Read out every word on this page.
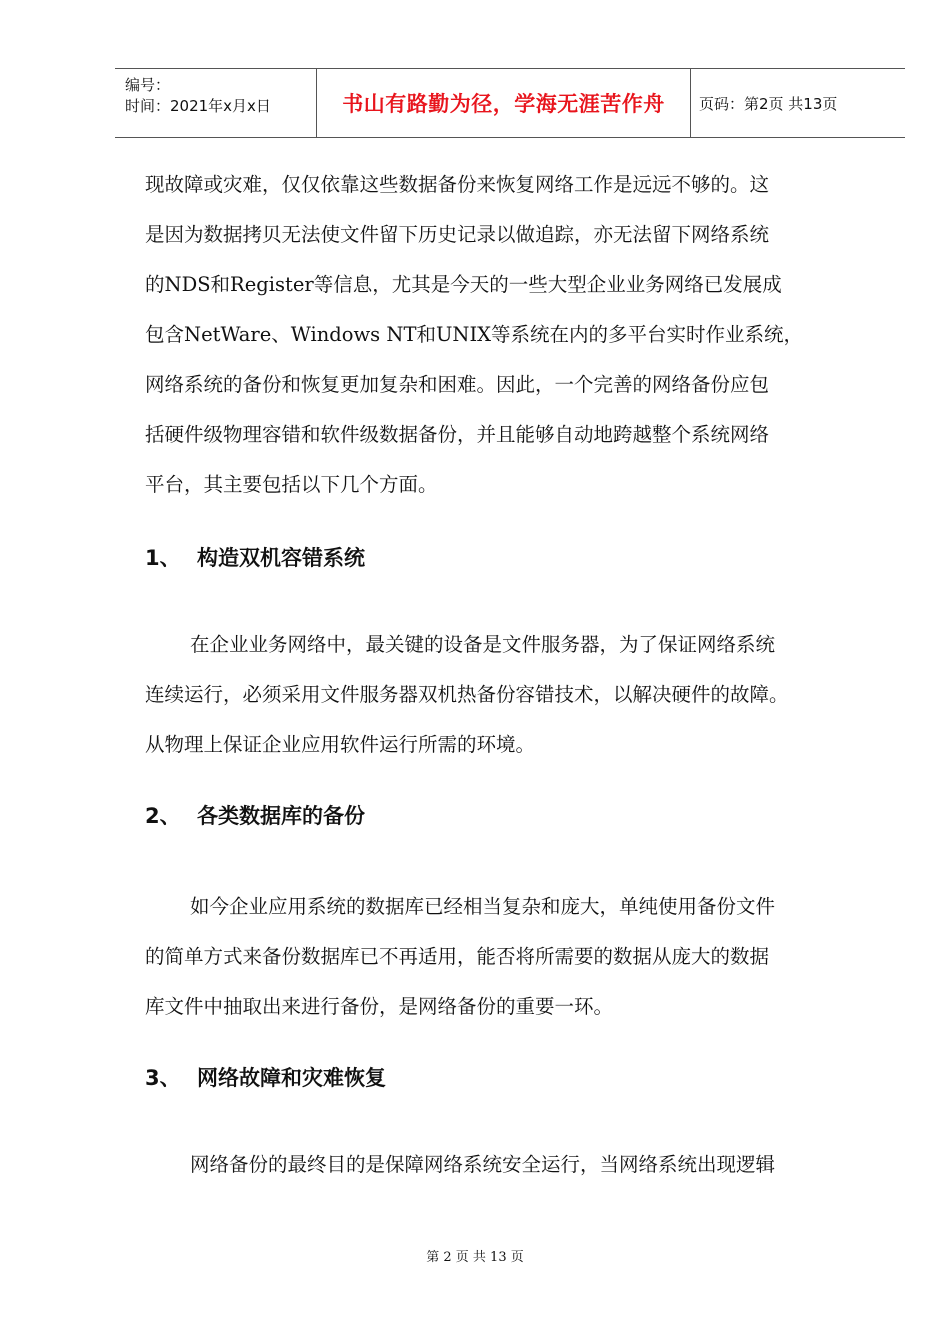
编号：
时间：2021年x月x日	书山有路勤为径，学海无涯苦作舟	页码：第2页 共13页

现故障或灾难，仅仅依靠这些数据备份来恢复网络工作是远远不够的。这
是因为数据拷贝无法使文件留下历史记录以做追踪，亦无法留下网络系统
的NDS和Register等信息，尤其是今天的一些大型企业业务网络已发展成
包含NetWare、Windows NT和UNIX等系统在内的多平台实时作业系统，
网络系统的备份和恢复更加复杂和困难。因此，一个完善的网络备份应包
括硬件级物理容错和软件级数据备份，并且能够自动地跨越整个系统网络
平台，其主要包括以下几个方面。

1、 构造双机容错系统

在企业业务网络中，最关键的设备是文件服务器，为了保证网络系统
连续运行，必须采用文件服务器双机热备份容错技术，以解决硬件的故障。
从物理上保证企业应用软件运行所需的环境。

2、 各类数据库的备份

如今企业应用系统的数据库已经相当复杂和庞大，单纯使用备份文件
的简单方式来备份数据库已不再适用，能否将所需要的数据从庞大的数据
库文件中抽取出来进行备份，是网络备份的重要一环。

3、 网络故障和灾难恢复

网络备份的最终目的是保障网络系统安全运行，当网络系统出现逻辑

第 2 页 共 13 页
